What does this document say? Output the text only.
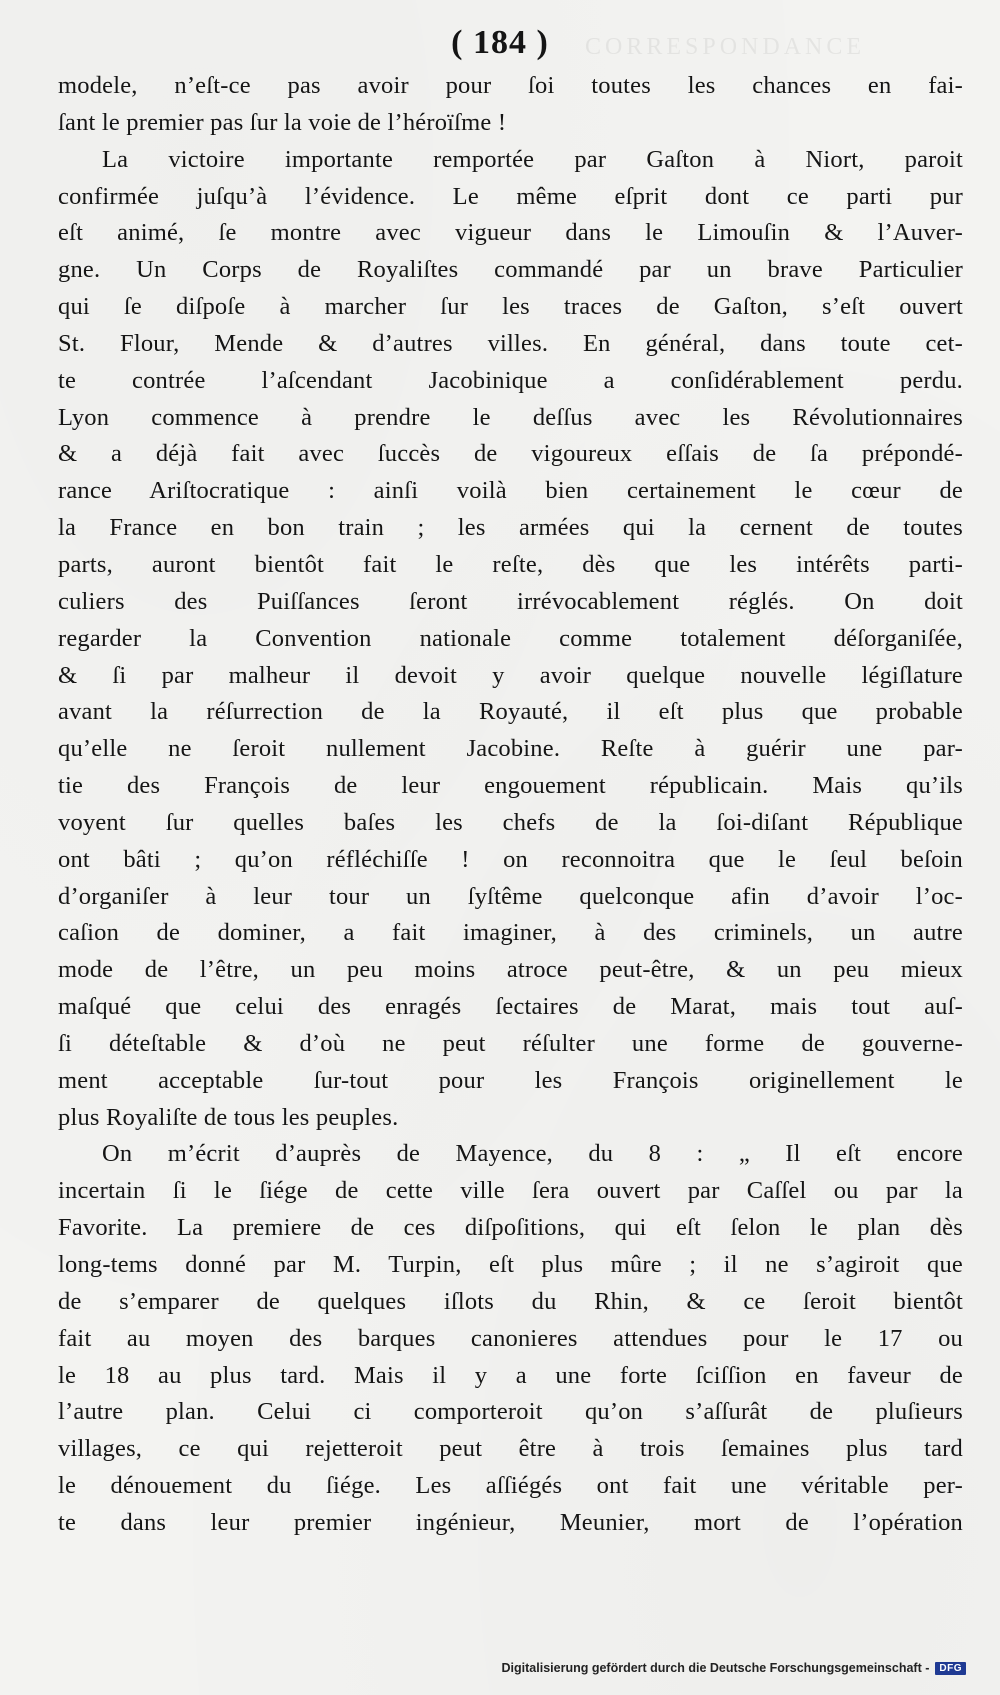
CORRESPONDANCE
( 184 )
modele, n’eſt-ce pas avoir pour ſoi toutes les chances en fai-
ſant le premier pas ſur la voie de l’héroïſme !
La victoire importante remportée par Gaſton à Niort, paroit
confirmée juſqu’à l’évidence. Le même eſprit dont ce parti pur
eſt animé, ſe montre avec vigueur dans le Limouſin & l’Auver-
gne. Un Corps de Royaliſtes commandé par un brave Particulier
qui ſe diſpoſe à marcher ſur les traces de Gaſton, s’eſt ouvert
St. Flour, Mende & d’autres villes. En général, dans toute cet-
te contrée l’aſcendant Jacobinique a conſidérablement perdu.
Lyon commence à prendre le deſſus avec les Révolutionnaires
& a déjà fait avec ſuccès de vigoureux eſſais de ſa prépondé-
rance Ariſtocratique : ainſi voilà bien certainement le cœur de
la France en bon train ; les armées qui la cernent de toutes
parts, auront bientôt fait le reſte, dès que les intérêts parti-
culiers des Puiſſances ſeront irrévocablement réglés. On doit
regarder la Convention nationale comme totalement déſorganiſée,
& ſi par malheur il devoit y avoir quelque nouvelle légiſlature
avant la réſurrection de la Royauté, il eſt plus que probable
qu’elle ne ſeroit nullement Jacobine. Reſte à guérir une par-
tie des François de leur engouement républicain. Mais qu’ils
voyent ſur quelles baſes les chefs de la ſoi-diſant République
ont bâti ; qu’on réfléchiſſe ! on reconnoitra que le ſeul beſoin
d’organiſer à leur tour un ſyſtême quelconque afin d’avoir l’oc-
caſion de dominer, a fait imaginer, à des criminels, un autre
mode de l’être, un peu moins atroce peut-être, & un peu mieux
maſqué que celui des enragés ſectaires de Marat, mais tout auſ-
ſi déteſtable & d’où ne peut réſulter une forme de gouverne-
ment acceptable ſur-tout pour les François originellement le
plus Royaliſte de tous les peuples.
On m’écrit d’auprès de Mayence, du 8 : „ Il eſt encore
incertain ſi le ſiége de cette ville ſera ouvert par Caſſel ou par la
Favorite. La premiere de ces diſpoſitions, qui eſt ſelon le plan dès
long-tems donné par M. Turpin, eſt plus mûre ; il ne s’agiroit que
de s’emparer de quelques iſlots du Rhin, & ce ſeroit bientôt
fait au moyen des barques canonieres attendues pour le 17 ou
le 18 au plus tard. Mais il y a une forte ſciſſion en faveur de
l’autre plan. Celui ci comporteroit qu’on s’aſſurât de pluſieurs
villages, ce qui rejetteroit peut être à trois ſemaines plus tard
le dénouement du ſiége. Les aſſiégés ont fait une véritable per-
te dans leur premier ingénieur, Meunier, mort de l’opération
Digitalisierung gefördert durch die Deutsche Forschungsgemeinschaft -	DFG
